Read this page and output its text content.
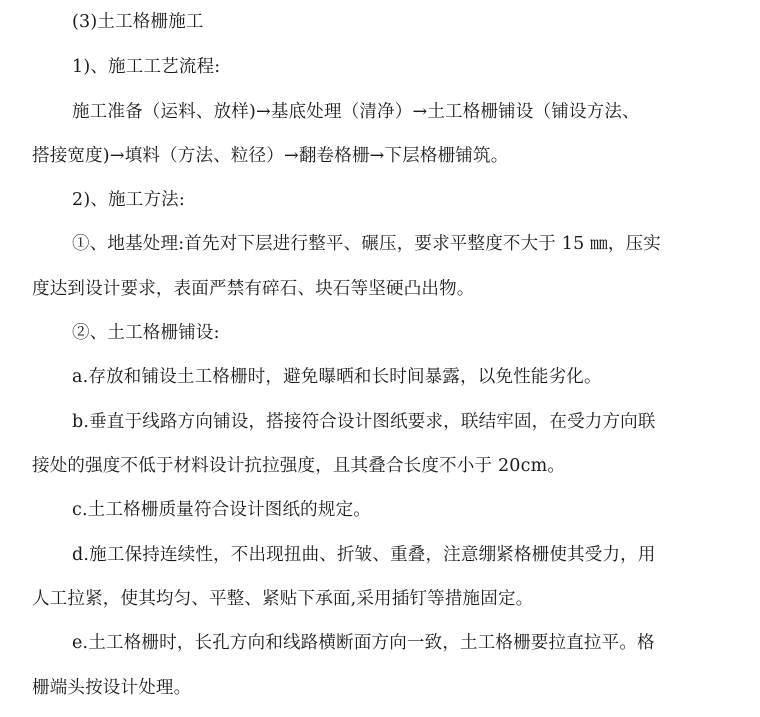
(3)土工格栅施工
1)、施工工艺流程:
施工准备（运料、放样)→基底处理（清净）→土工格栅铺设（铺设方法、
搭接宽度)→填料（方法、粒径）→翻卷格栅→下层格栅铺筑。
2)、施工方法:
①、地基处理:首先对下层进行整平、碾压，要求平整度不大于 15 ㎜，压实
度达到设计要求，表面严禁有碎石、块石等坚硬凸出物。
②、土工格栅铺设:
a.存放和铺设土工格栅时，避免曝晒和长时间暴露，以免性能劣化。
b.垂直于线路方向铺设，搭接符合设计图纸要求，联结牢固，在受力方向联
接处的强度不低于材料设计抗拉强度，且其叠合长度不小于 20cm。
c.土工格栅质量符合设计图纸的规定。
d.施工保持连续性，不出现扭曲、折皱、重叠，注意绷紧格栅使其受力，用
人工拉紧，使其均匀、平整、紧贴下承面,采用插钉等措施固定。
e.土工格栅时，长孔方向和线路横断面方向一致，土工格栅要拉直拉平。格
栅端头按设计处理。
